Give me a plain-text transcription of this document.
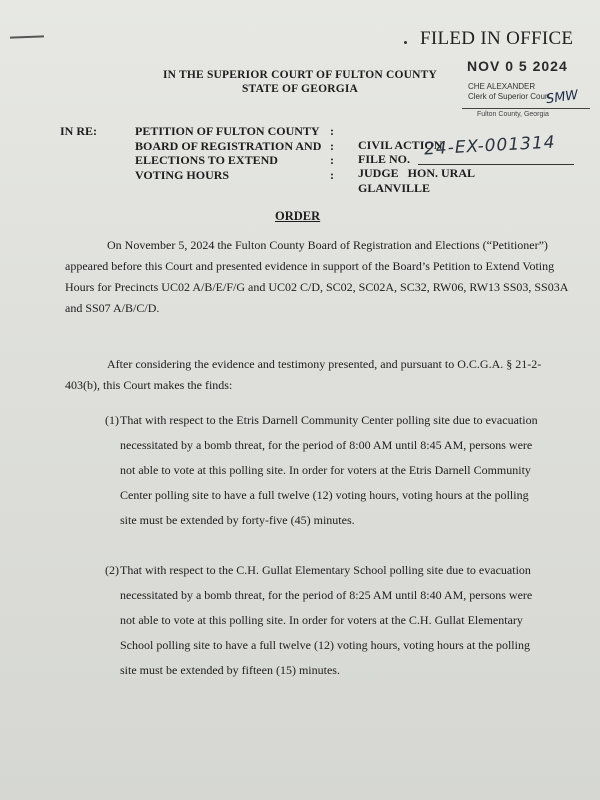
FILED IN OFFICE
NOV 0 5 2024
CHE ALEXANDER
Clerk of Superior Court
Fulton County, Georgia
SMW
IN THE SUPERIOR COURT OF FULTON COUNTY
STATE OF GEORGIA
IN RE:	PETITION OF FULTON COUNTY
BOARD OF REGISTRATION AND
ELECTIONS TO EXTEND
VOTING HOURS
:
:
:
:
CIVIL ACTION
FILE NO. 24-EX-001314
JUDGE   HON. URAL
GLANVILLE
ORDER

On November 5, 2024 the Fulton County Board of Registration and Elections (“Petitioner”) appeared before this Court and presented evidence in support of the Board’s Petition to Extend Voting Hours for Precincts UC02 A/B/E/F/G and UC02 C/D, SC02, SC02A, SC32, RW06, RW13 SS03, SS03A and SS07 A/B/C/D.

After considering the evidence and testimony presented, and pursuant to O.C.G.A. § 21-2-403(b), this Court makes the finds:

(1) That with respect to the Etris Darnell Community Center polling site due to evacuation necessitated by a bomb threat, for the period of 8:00 AM until 8:45 AM, persons were not able to vote at this polling site. In order for voters at the Etris Darnell Community Center polling site to have a full twelve (12) voting hours, voting hours at the polling site must be extended by forty-five (45) minutes.
(2) That with respect to the C.H. Gullat Elementary School polling site due to evacuation necessitated by a bomb threat, for the period of 8:25 AM until 8:40 AM, persons were not able to vote at this polling site. In order for voters at the C.H. Gullat Elementary School polling site to have a full twelve (12) voting hours, voting hours at the polling site must be extended by fifteen (15) minutes.
